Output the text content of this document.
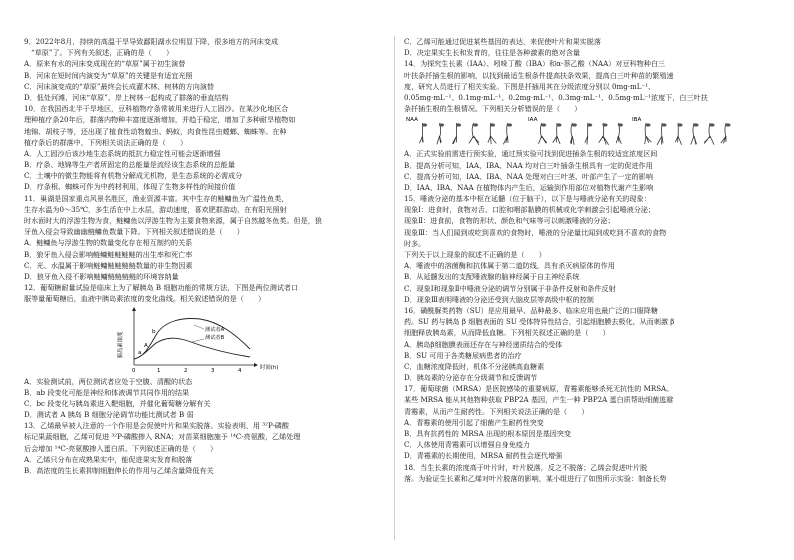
9．2022年8月，持续的高温干旱导致鄱阳湖水位明显下降，很多地方的河床变成
“草原”了。下列有关叙述，正确的是（　　）
A．原来有水的河床变成现在的“草原”属于初生演替
B．河床在短时间内演变为“草原”的关键是有适宜光照
C．河床演变成的“草原”最终会长成灌木林、树林的方向演替
D．低处河滩、河床“草原”、岸上树林一起构成了群落的垂直结构
10．在我国西北半干旱地区，豆科植物疗条常被用来进行人工固沙。在某沙化地区合
理种植疗条20年后，群落内物种丰富度逐渐增加，并趋于稳定，增加了多种耐旱植物如
地锦、胡枝子等，还出现了植食性动物蝗虫、蚂蚁，肉食性昆虫螳螂、蜘蛛等。在种
植疗条后的群落中，下列相关说法正确的是（　　）
A．人工固沙后该沙地生态系统的抵抗力稳定性可能会逐渐增强
B．疗条、地锦等生产者所固定的总能量是流经该生态系统的总能量
C．土壤中的微生物能将有机物分解成无机物，是生态系统的必需成分
D．疗条根、蜘蛛可作为中药材利用，体现了生物多样性的间接价值
11．巢湖是国家重点风景名胜区，渔业资源丰富。其中生存的鲢鳙鱼为广温性鱼类，
生存水温为0～35℃，多生活在中上水层，游动速度，喜欢肥群游动，在有阳光照射
时水面时大的浮游生物为食，鲢鳙鱼以浮游生物为主要食物来源，属于自然越冬鱼类。但是，狼
牙鱼入侵会导致幽幽鲢鳙鱼数量下降。下列相关叙述错误的是（　　）
A．鲢鳙鱼与浮游生物的数量变化存在相互制约的关系
B．狼牙鱼入侵会影响鲢鳙鲢鲢鲢鲢的出生率和死亡率
C．光、水温属于影响鲢鳙鲢鲢鲢鲢数量的非生物因素
D．狼牙鱼入侵不影响鲢鳙鲢鲢鲢鲢的环境容纳量
12．葡萄糖耐量试验是临床上为了解胰岛 B 细胞功能的常规方法，下图是两位测试者口
服等量葡萄糖后，血液中胰岛素浓度的变化曲线。相关叙述错误的是（　　）
胰岛素浓度
0	1	2	3	4	时间(h)
a
b
A
测试者A
测试者B
A．实验测试前，两位测试者应处于空腹、清醒的状态
B．ab 段变化可能是神经和体液调节共同作用的结果
C．bc 段变化与胰岛素进入靶细胞，并催化葡萄糖分解有关
D．测试者 A 胰岛 B 细胞分泌调节功能比测试者 B 弱
13．乙烯最早被人注意的一个作用是会促使叶片和果实脱落。实验表明，用 ³²P-磷酸
标记果蔬细胞，乙烯可促进 ³²P-磷酸掺入 RNA；对苗菜细胞施予 ¹⁴C-亮氨酸，乙烯处理
后会增加 ¹⁴C-亮氨酸掺入蛋白质。下列叙述正确的是（　　）
A．乙烯只分布在成熟果实中，能促进果实发育和脱落
B．高浓度的生长素抑制细胞伸长的作用与乙烯含量降低有关
C．乙烯可能通过促进某些基因的表达，来促使叶片和果实脱落
D．决定果实生长和发育的，往往是各种激素的绝对含量
14．为探究生长素（IAA）、吲哚丁酸（IBA）和α-萘乙酸（NAA）对豆科物种白三
叶扶条扦插生根的影响，以找到最适生根条件提高扶条效果，提高白三叶种苗的繁殖速
度，研究人员进行了相关实验。下图是扦插用其在分级浓度分别以 0mg·mL⁻¹、
0.05mg·mL⁻¹、0.1mg·mL⁻¹、0.2mg·mL⁻¹、0.3mg·mL⁻¹、0.5mg·mL⁻¹浓度下，白三叶扶
条扦插生根的生根情况。下列相关分析错误的是（　　）
NAA	IAA	IBA
A．正式实验前需进行预实验，通过预实验可找到促进插条生根的较适宜浓度区间
B．提高分析可知，IAA、IBA、NAA 均对白三叶插条生根具有一定的促进作用
C．提高分析可知，IAA、IBA、NAA 处理对白三叶茎、叶部产生了一定的影响
D．IAA、IBA、NAA 在植物体内产生后，运输到作用部位对植物代谢产生影响
15．唾液分泌的基本中枢在延髓（位于脑干），以下是与唾液分泌有关的现象：
现象Ⅰ：进食时，食物对舌、口腔和咽部黏膜的机械或化学刺激会引起唾液分泌；
现象Ⅱ：进食前，食物的形状、颜色和气味等可以刺激唾液的分泌；
现象Ⅲ：当人们闻到或吃到喜欢的食物时，唾液的分泌量比闻到或吃到不喜欢的食物
时多。
下列关于以上现象的叙述不正确的是（　　）
A．唾液中的溶菌酶和抗体属于第二道防线，具有杀灭病原体的作用
B．从延髓发出的支配唾液腺的脑神经属于自主神经系统
C．现象Ⅰ和现象Ⅱ中唾液分泌的调节分别属于非条件反射和条件反射
D．现象Ⅲ表明唾液的分泌还受到大脑皮层等高级中枢的控制
16．磺酰脲类药物（SU）是应用最早、品种最多、临床应用也最广泛的口服降糖
药。SU 药与胰岛 β 细胞表面的 SU 受体特异性结合，引起细胞膜去极化，从而刺激 β
细胞释放胰岛素，从而降低血糖。下列相关叙述正确的是（　　）
A．胰岛β细胞膜表面还存在与神经递质结合的受体
B．SU 可用于各类糖尿病患者的治疗
C．血糖浓度降低时，机体不分泌胰高血糖素
D．胰岛素的分泌存在分级调节和反馈调节
17．葡萄球菌（MRSA）是医院感染的重要病原，青霉素能够杀死无抗性的 MRSA。
某些 MRSA 能从其他物种获取 PBP2A 基因，产生一种 PBP2A 蛋白质帮助细菌逃避
青霉素，从而产生耐药性。下列相关说法正确的是（　　）
A．青霉素的使用引起了细菌产生耐药性突变
B．具有抗药性的 MRSA 出现的根本原因是基因突变
C．人体使用青霉素可以增强自身免疫力
D．青霉素的长期使用，MRSA 耐药性会逐代增强
18．当生长素的浓度高于叶片时，叶片脱落，反之不脱落；乙烯会促进叶片脱
落。为验证生长素和乙烯对叶片脱落的影响，某小组进行了如图所示实验：制备长势
